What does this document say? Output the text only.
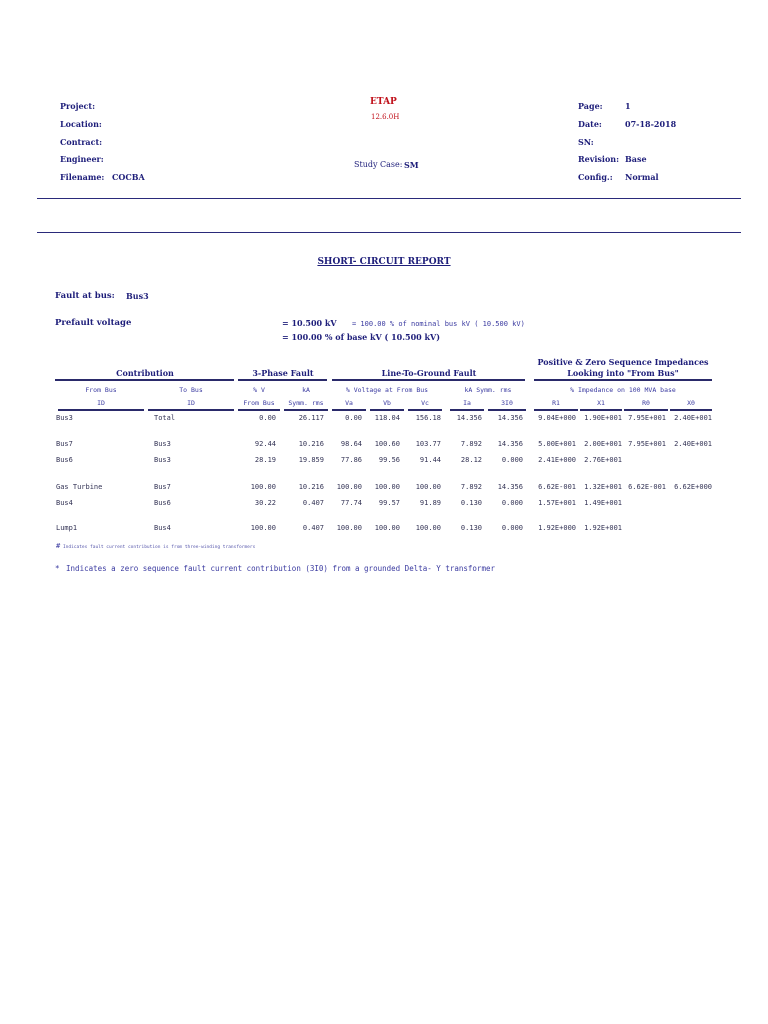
Project:
Location:
Contract:
Engineer:
Filename: COCBA
ETAP
12.6.0H
Study Case: SM
Page:	1
Date:	07-18-2018
SN:
Revision: Base
Config.: Normal
SHORT- CIRCUIT REPORT
Fault at bus: Bus3
Prefault voltage	= 10.500 kV = 100.00 % of nominal bus kV ( 10.500 kV)
= 100.00 % of base kV ( 10.500 kV)
Contribution	3-Phase Fault	Line-To-Ground Fault
Positive & Zero Sequence Impedances
Looking into "From Bus"
From Bus	To Bus	% V	kA	% Voltage at From Bus	kA Symm. rms	% Impedance on 100 MVA base
ID	ID	From Bus	Symm. rms	Va	Vb	Vc	Ia	3I0	R1	X1	R0	X0
Bus3	Total	0.00	26.117	0.00	118.04	156.18	14.356	14.356	9.04E+000	1.90E+001 7.95E+001	2.40E+001
Bus7	Bus3	92.44	10.216	98.64	100.60	103.77	7.892	14.356	5.00E+001	2.00E+001 7.95E+001	2.40E+001
Bus6	Bus3	28.19	19.859	77.86	99.56	91.44	28.12	0.000	2.41E+000	2.76E+001
Gas Turbine	Bus7	100.00	10.216	100.00	100.00	100.00	7.892	14.356	6.62E-001	1.32E+001 6.62E-001	6.62E+000
Bus4	Bus6	30.22	0.407	77.74	99.57	91.89	0.130	0.000	1.57E+001	1.49E+001
Lump1	Bus4	100.00	0.407	100.00	100.00	100.00	0.130	0.000	1.92E+000	1.92E+001
# Indicates fault current contribution is from three-winding transformers
* Indicates a zero sequence fault current contribution (3I0) from a grounded Delta- Y transformer
